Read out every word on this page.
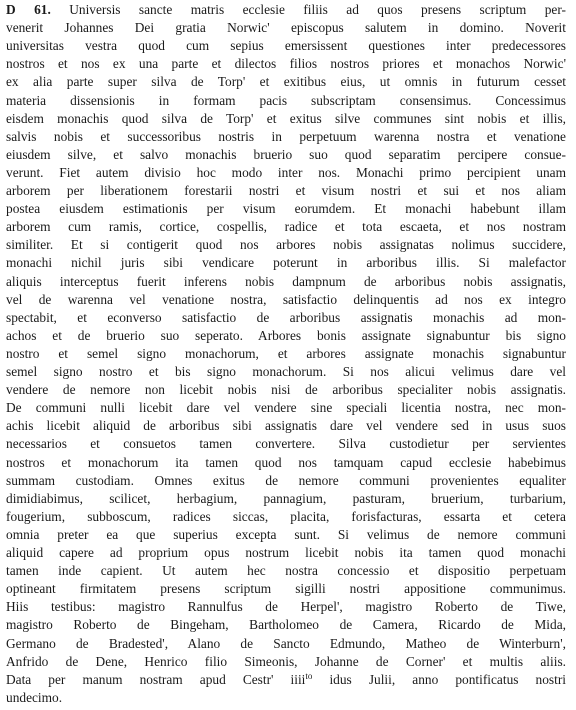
D 61. Universis sancte matris ecclesie filiis ad quos presens scriptum per-
venerit Johannes Dei gratia Norwic' episcopus salutem in domino. Noverit
universitas vestra quod cum sepius emersissent questiones inter predecessores
nostros et nos ex una parte et dilectos filios nostros priores et monachos Norwic'
ex alia parte super silva de Torp' et exitibus eius, ut omnis in futurum cesset
materia dissensionis in formam pacis subscriptam consensimus. Concessimus
eisdem monachis quod silva de Torp' et exitus silve communes sint nobis et illis,
salvis nobis et successoribus nostris in perpetuum warenna nostra et venatione
eiusdem silve, et salvo monachis bruerio suo quod separatim percipere consue-
verunt. Fiet autem divisio hoc modo inter nos. Monachi primo percipient unam
arborem per liberationem forestarii nostri et visum nostri et sui et nos aliam
postea eiusdem estimationis per visum eorumdem. Et monachi habebunt illam
arborem cum ramis, cortice, cospellis, radice et tota escaeta, et nos nostram
similiter. Et si contigerit quod nos arbores nobis assignatas nolimus succidere,
monachi nichil juris sibi vendicare poterunt in arboribus illis. Si malefactor
aliquis interceptus fuerit inferens nobis dampnum de arboribus nobis assignatis,
vel de warenna vel venatione nostra, satisfactio delinquentis ad nos ex integro
spectabit, et econverso satisfactio de arboribus assignatis monachis ad mon-
achos et de bruerio suo seperato. Arbores bonis assignate signabuntur bis signo
nostro et semel signo monachorum, et arbores assignate monachis signabuntur
semel signo nostro et bis signo monachorum. Si nos alicui velimus dare vel
vendere de nemore non licebit nobis nisi de arboribus specialiter nobis assignatis.
De communi nulli licebit dare vel vendere sine speciali licentia nostra, nec mon-
achis licebit aliquid de arboribus sibi assignatis dare vel vendere sed in usus suos
necessarios et consuetos tamen convertere. Silva custodietur per servientes
nostros et monachorum ita tamen quod nos tamquam capud ecclesie habebimus
summam custodiam. Omnes exitus de nemore communi provenientes equaliter
dimidiabimus, scilicet, herbagium, pannagium, pasturam, bruerium, turbarium,
fougerium, subboscum, radices siccas, placita, forisfacturas, essarta et cetera
omnia preter ea que superius excepta sunt. Si velimus de nemore communi
aliquid capere ad proprium opus nostrum licebit nobis ita tamen quod monachi
tamen inde capient. Ut autem hec nostra concessio et dispositio perpetuam
optineant firmitatem presens scriptum sigilli nostri appositione communimus.
Hiis testibus: magistro Rannulfus de Herpel', magistro Roberto de Tiwe,
magistro Roberto de Bingeham, Bartholomeo de Camera, Ricardo de Mida,
Germano de Bradested', Alano de Sancto Edmundo, Matheo de Winterburn',
Anfrido de Dene, Henrico filio Simeonis, Johanne de Corner' et multis aliis.
Data per manum nostram apud Cestr' iiii$^{to}$ idus Julii, anno pontificatus nostri
undecimo.
